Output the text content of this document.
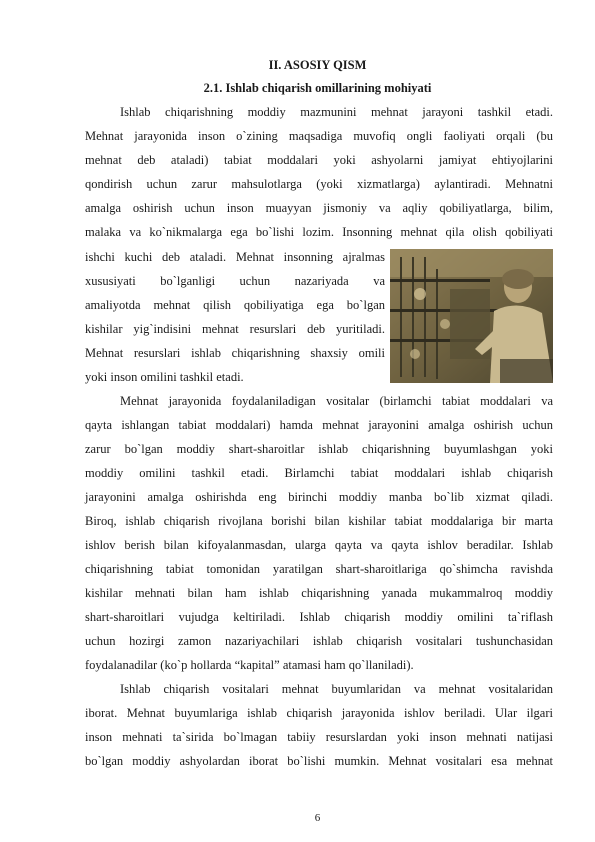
II. ASOSIY QISM
2.1. Ishlab chiqarish omillarining mohiyati
Ishlab chiqarishning moddiy mazmunini mehnat jarayoni tashkil etadi.
Mehnat jarayonida inson o`zining maqsadiga muvofiq ongli faoliyati orqali (bu
mehnat deb ataladi) tabiat moddalari yoki ashyolarni jamiyat ehtiyojlarini
qondirish uchun zarur mahsulotlarga (yoki xizmatlarga) aylantiradi. Mehnatni
amalga oshirish uchun inson muayyan jismoniy va aqliy qobiliyatlarga, bilim,
malaka va ko`nikmalarga ega bo`lishi lozim. Insonning mehnat qila olish qobiliyati
ishchi kuchi deb ataladi. Mehnat insonning ajralmas
xususiyati bo`lganligi uchun nazariyada va
amaliyotda mehnat qilish qobiliyatiga ega bo`lgan
kishilar yig`indisini mehnat resurslari deb yuritiladi.
Mehnat resurslari ishlab chiqarishning shaxsiy omili
yoki inson omilini tashkil etadi.
Mehnat jarayonida foydalaniladigan vositalar (birlamchi tabiat moddalari va
qayta ishlangan tabiat moddalari) hamda mehnat jarayonini amalga oshirish uchun
zarur bo`lgan moddiy shart-sharoitlar ishlab chiqarishning buyumlashgan yoki
moddiy omilini tashkil etadi. Birlamchi tabiat moddalari ishlab chiqarish
jarayonini amalga oshirishda eng birinchi moddiy manba bo`lib xizmat qiladi.
Biroq, ishlab chiqarish rivojlana borishi bilan kishilar tabiat moddalariga bir marta
ishlov berish bilan kifoyalanmasdan, ularga qayta va qayta ishlov beradilar. Ishlab
chiqarishning tabiat tomonidan yaratilgan shart-sharoitlariga qo`shimcha ravishda
kishilar mehnati bilan ham ishlab chiqarishning yanada mukammalroq moddiy
shart-sharoitlari vujudga keltiriladi. Ishlab chiqarish moddiy omilini ta`riflash
uchun hozirgi zamon nazariyachilari ishlab chiqarish vositalari tushunchasidan
foydalanadilar (ko`p hollarda “kapital” atamasi ham qo`llaniladi).
Ishlab chiqarish vositalari mehnat buyumlaridan va mehnat vositalaridan
iborat. Mehnat buyumlariga ishlab chiqarish jarayonida ishlov beriladi. Ular ilgari
inson mehnati ta`sirida bo`lmagan tabiiy resurslardan yoki inson mehnati natijasi
bo`lgan moddiy ashyolardan iborat bo`lishi mumkin. Mehnat vositalari esa mehnat
6
